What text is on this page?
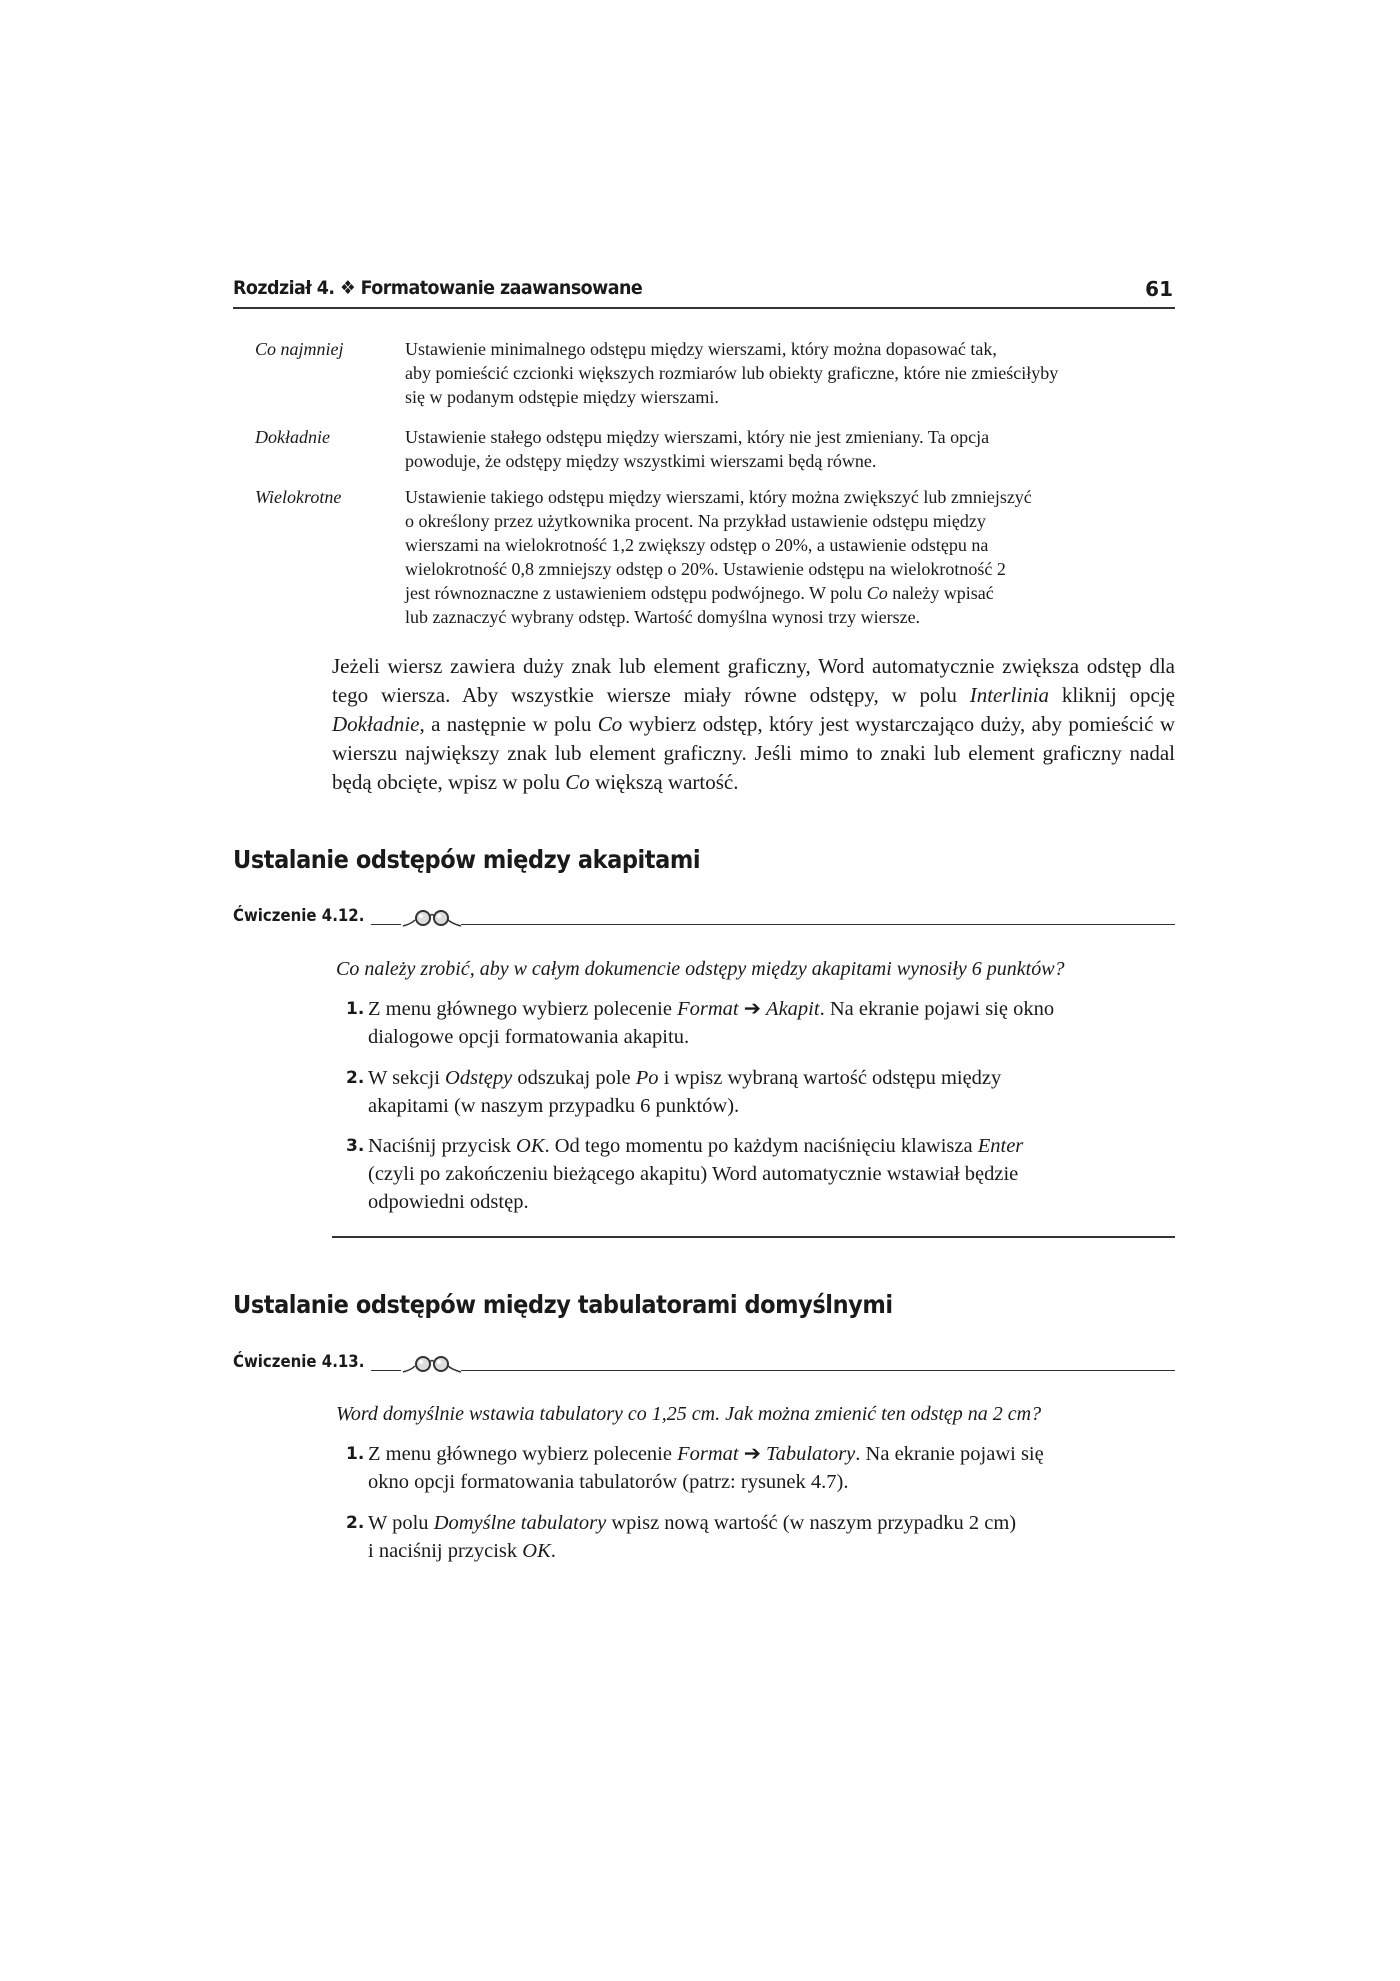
Rozdział 4. ❖ Formatowanie zaawansowane	61
Co najmniej	Ustawienie minimalnego odstępu między wierszami, który można dopasować tak,
aby pomieścić czcionki większych rozmiarów lub obiekty graficzne, które nie zmieściłyby
się w podanym odstępie między wierszami.
Dokładnie	Ustawienie stałego odstępu między wierszami, który nie jest zmieniany. Ta opcja
powoduje, że odstępy między wszystkimi wierszami będą równe.
Wielokrotne	Ustawienie takiego odstępu między wierszami, który można zwiększyć lub zmniejszyć
o określony przez użytkownika procent. Na przykład ustawienie odstępu między
wierszami na wielokrotność 1,2 zwiększy odstęp o 20%, a ustawienie odstępu na
wielokrotność 0,8 zmniejszy odstęp o 20%. Ustawienie odstępu na wielokrotność 2
jest równoznaczne z ustawieniem odstępu podwójnego. W polu Co należy wpisać
lub zaznaczyć wybrany odstęp. Wartość domyślna wynosi trzy wiersze.
Jeżeli wiersz zawiera duży znak lub element graficzny, Word automatycznie zwiększa odstęp dla tego wiersza. Aby wszystkie wiersze miały równe odstępy, w polu Interlinia kliknij opcję Dokładnie, a następnie w polu Co wybierz odstęp, który jest wystarczająco duży, aby pomieścić w wierszu największy znak lub element graficzny. Jeśli mimo to znaki lub element graficzny nadal będą obcięte, wpisz w polu Co większą wartość.
Ustalanie odstępów między akapitami
Ćwiczenie 4.12.
Co należy zrobić, aby w całym dokumencie odstępy między akapitami wynosiły 6 punktów?
1. Z menu głównego wybierz polecenie Format ➔ Akapit. Na ekranie pojawi się okno
dialogowe opcji formatowania akapitu.
2. W sekcji Odstępy odszukaj pole Po i wpisz wybraną wartość odstępu między
akapitami (w naszym przypadku 6 punktów).
3. Naciśnij przycisk OK. Od tego momentu po każdym naciśnięciu klawisza Enter
(czyli po zakończeniu bieżącego akapitu) Word automatycznie wstawiał będzie
odpowiedni odstęp.
Ustalanie odstępów między tabulatorami domyślnymi
Ćwiczenie 4.13.
Word domyślnie wstawia tabulatory co 1,25 cm. Jak można zmienić ten odstęp na 2 cm?
1. Z menu głównego wybierz polecenie Format ➔ Tabulatory. Na ekranie pojawi się
okno opcji formatowania tabulatorów (patrz: rysunek 4.7).
2. W polu Domyślne tabulatory wpisz nową wartość (w naszym przypadku 2 cm)
i naciśnij przycisk OK.
